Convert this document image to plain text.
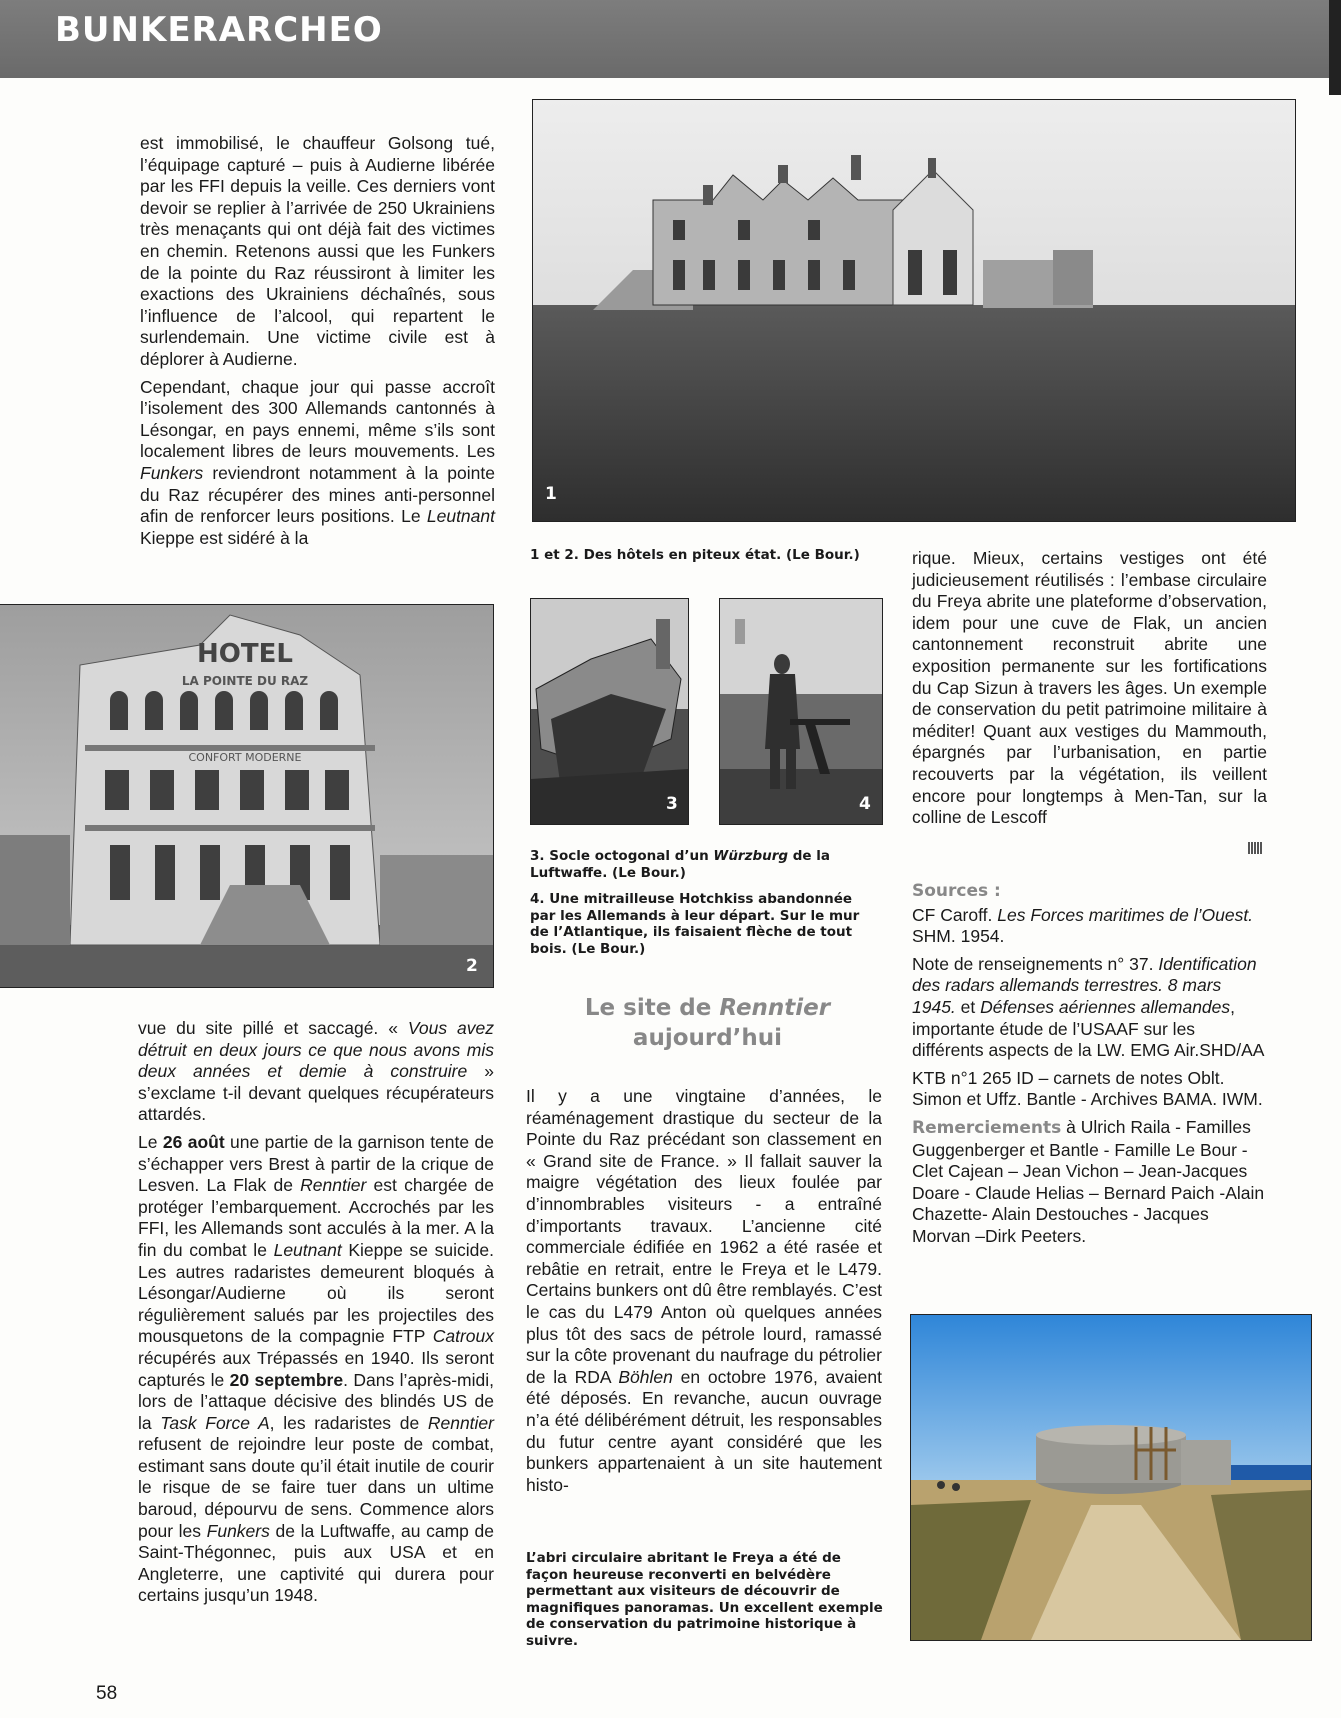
BUNKERARCHEO

est immobilisé, le chauffeur Golsong tué, l’équipage capturé – puis à Audierne libérée par les FFI depuis la veille. Ces derniers vont devoir se replier à l’arrivée de 250 Ukrainiens très menaçants qui ont déjà fait des victimes en chemin. Retenons aussi que les Funkers de la pointe du Raz réussiront à limiter les exactions des Ukrainiens déchaînés, sous l’influence de l’alcool, qui repartent le surlendemain. Une victime civile est à déplorer à Audierne.

Cependant, chaque jour qui passe accroît l’isolement des 300 Allemands cantonnés à Lésongar, en pays ennemi, même s’ils sont localement libres de leurs mouvements. Les Funkers reviendront notamment à la pointe du Raz récupérer des mines anti-personnel afin de renforcer leurs positions. Le Leutnant Kieppe est sidéré à la

1
1 et 2. Des hôtels en piteux état. (Le Bour.)	rique. Mieux, certains vestiges ont été judicieusement réutilisés : l’embase circulaire du Freya abrite une plateforme d’observation, idem pour une cuve de Flak, un ancien cantonnement reconstruit abrite une exposition permanente sur les fortifications du Cap Sizun à travers les âges. Un exemple de conservation du petit patrimoine militaire à méditer! Quant aux vestiges du Mammouth, épargnés par l’urbanisation, en partie recouverts par la végétation, ils veillent encore pour longtemps à Men-Tan, sur la colline de Lescoff

HOTEL
LA POINTE DU RAZ
CONFORT MODERNE
2
3	4
3. Socle octogonal d’un Würzburg de la Luftwaffe. (Le Bour.)
4. Une mitrailleuse Hotchkiss abandonnée par les Allemands à leur départ. Sur le mur de l’Atlantique, ils faisaient flèche de tout bois. (Le Bour.)

Sources :

CF Caroff. Les Forces maritimes de l’Ouest. SHM. 1954.

Note de renseignements n° 37. Identification des radars allemands terrestres. 8 mars 1945. et Défenses aériennes allemandes, importante étude de l’USAAF sur les différents aspects de la LW. EMG Air.SHD/AA

KTB n°1 265 ID – carnets de notes Oblt. Simon et Uffz. Bantle - Archives BAMA. IWM.

Remerciements à Ulrich Raila - Familles Guggenberger et Bantle - Famille Le Bour - Clet Cajean – Jean Vichon – Jean-Jacques Doare - Claude Helias – Bernard Paich -Alain Chazette- Alain Destouches - Jacques Morvan –Dirk Peeters.

Le site de Renntier
aujourd’hui

Il y a une vingtaine d’années, le réaménagement drastique du secteur de la Pointe du Raz précédant son classement en « Grand site de France. » Il fallait sauver la maigre végétation des lieux foulée par d’innombrables visiteurs - a entraîné d’importants travaux. L’ancienne cité commerciale édifiée en 1962 a été rasée et rebâtie en retrait, entre le Freya et le L479. Certains bunkers ont dû être remblayés. C’est le cas du L479 Anton où quelques années plus tôt des sacs de pétrole lourd, ramassé sur la côte provenant du naufrage du pétrolier de la RDA Böhlen en octobre 1976, avaient été déposés. En revanche, aucun ouvrage n’a été délibérément détruit, les responsables du futur centre ayant considéré que les bunkers appartenaient à un site hautement histo-

vue du site pillé et saccagé. « Vous avez détruit en deux jours ce que nous avons mis deux années et demie à construire » s’exclame t-il devant quelques récupérateurs attardés.

Le 26 août une partie de la garnison tente de s’échapper vers Brest à partir de la crique de Lesven. La Flak de Renntier est chargée de protéger l’embarquement. Accrochés par les FFI, les Allemands sont acculés à la mer. A la fin du combat le Leutnant Kieppe se suicide. Les autres radaristes demeurent bloqués à Lésongar/Audierne où ils seront régulièrement salués par les projectiles des mousquetons de la compagnie FTP Catroux récupérés aux Trépassés en 1940. Ils seront capturés le 20 septembre. Dans l’après-midi, lors de l’attaque décisive des blindés US de la Task Force A, les radaristes de Renntier refusent de rejoindre leur poste de combat, estimant sans doute qu’il était inutile de courir le risque de se faire tuer dans un ultime baroud, dépourvu de sens. Commence alors pour les Funkers de la Luftwaffe, au camp de Saint-Thégonnec, puis aux USA et en Angleterre, une captivité qui durera pour certains jusqu’un 1948.

L’abri circulaire abritant le Freya a été de façon heureuse reconverti en belvédère permettant aux visiteurs de découvrir de magnifiques panoramas. Un excellent exemple de conservation du patrimoine historique à suivre.
58
